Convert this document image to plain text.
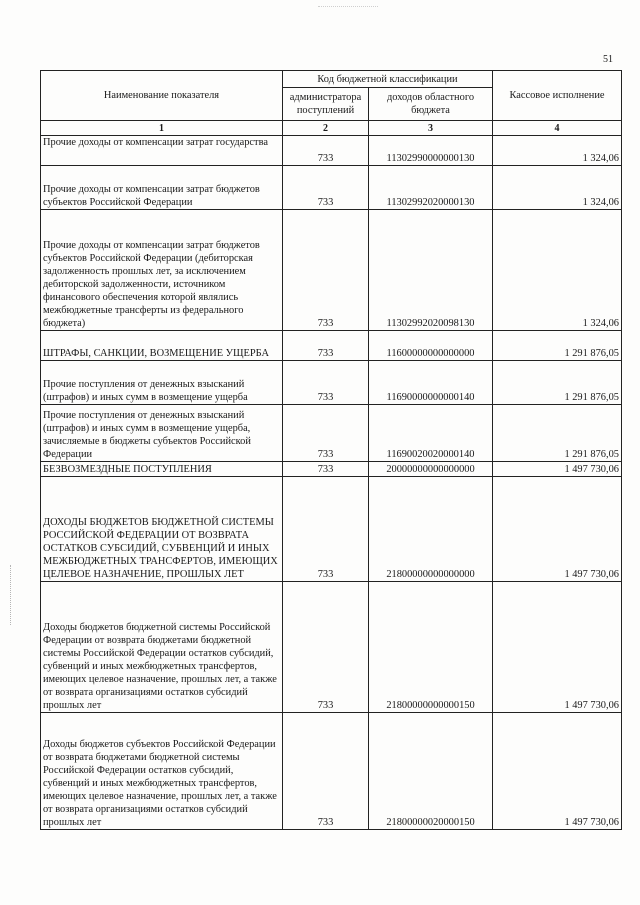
51
Наименование показателя	Код бюджетной классификации		Кассовое исполнение
	администратора поступлений	доходов областного бюджета	
1	2	3	4
Прочие доходы от компенсации затрат государства	733	11302990000000130	1 324,06
Прочие доходы от компенсации затрат бюджетов субъектов Российской Федерации	733	11302992020000130	1 324,06
Прочие доходы от компенсации затрат бюджетов субъектов Российской Федерации (дебиторская задолженность прошлых лет, за исключением дебиторской задолженности, источником финансового обеспечения которой являлись межбюджетные трансферты из федерального бюджета)	733	11302992020098130	1 324,06
ШТРАФЫ, САНКЦИИ, ВОЗМЕЩЕНИЕ УЩЕРБА	733	11600000000000000	1 291 876,05
Прочие поступления от денежных взысканий (штрафов) и иных сумм в возмещение ущерба	733	11690000000000140	1 291 876,05
Прочие поступления от денежных взысканий (штрафов) и иных сумм в возмещение ущерба, зачисляемые в бюджеты субъектов Российской Федерации	733	11690020020000140	1 291 876,05
БЕЗВОЗМЕЗДНЫЕ ПОСТУПЛЕНИЯ	733	20000000000000000	1 497 730,06
ДОХОДЫ БЮДЖЕТОВ БЮДЖЕТНОЙ СИСТЕМЫ РОССИЙСКОЙ ФЕДЕРАЦИИ ОТ ВОЗВРАТА ОСТАТКОВ СУБСИДИЙ, СУБВЕНЦИЙ И ИНЫХ МЕЖБЮДЖЕТНЫХ ТРАНСФЕРТОВ, ИМЕЮЩИХ ЦЕЛЕВОЕ НАЗНАЧЕНИЕ, ПРОШЛЫХ ЛЕТ	733	21800000000000000	1 497 730,06
Доходы бюджетов бюджетной системы Российской Федерации от возврата бюджетами бюджетной системы Российской Федерации остатков субсидий, субвенций и иных межбюджетных трансфертов, имеющих целевое назначение, прошлых лет, а также от возврата организациями остатков субсидий прошлых лет	733	21800000000000150	1 497 730,06
Доходы бюджетов субъектов Российской Федерации от возврата бюджетами бюджетной системы Российской Федерации остатков субсидий, субвенций и иных межбюджетных трансфертов, имеющих целевое назначение, прошлых лет, а также от возврата организациями остатков субсидий прошлых лет	733	21800000020000150	1 497 730,06
